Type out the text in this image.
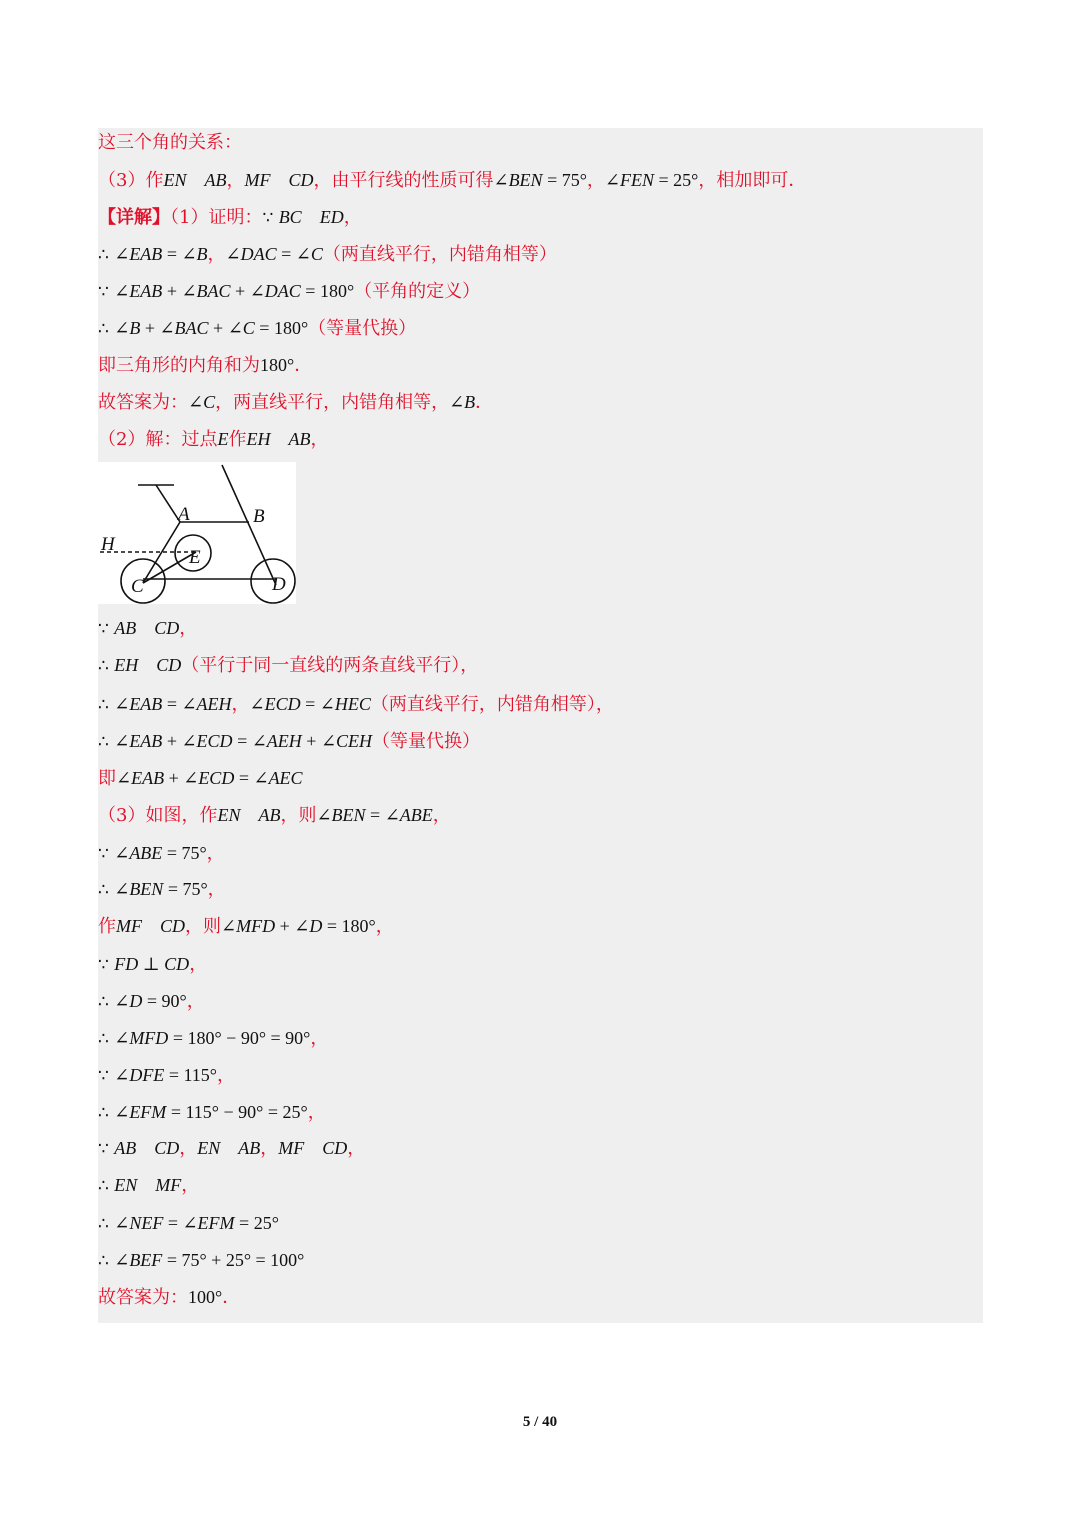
A	B
H
E
C	D
这三个角的关系：
（3）作EN AB，MF CD，由平行线的性质可得∠BEN = 75°，∠FEN = 25°，相加即可．
【详解】（1）证明：∵ BC ED，
∴ ∠EAB = ∠B，∠DAC = ∠C（两直线平行，内错角相等）
∵ ∠EAB + ∠BAC + ∠DAC = 180°（平角的定义）
∴ ∠B + ∠BAC + ∠C = 180°（等量代换）
即三角形的内角和为180°．
故答案为：∠C，两直线平行，内错角相等，∠B．
（2）解：过点E作EH AB，
∵ AB CD，
∴ EH CD（平行于同一直线的两条直线平行），
∴ ∠EAB = ∠AEH，∠ECD = ∠HEC（两直线平行，内错角相等），
∴ ∠EAB + ∠ECD = ∠AEH + ∠CEH（等量代换）
即∠EAB + ∠ECD = ∠AEC
（3）如图，作EN AB，则∠BEN = ∠ABE，
∵ ∠ABE = 75°，
∴ ∠BEN = 75°，
作MF CD，则∠MFD + ∠D = 180°，
∵ FD ⊥ CD，
∴ ∠D = 90°，
∴ ∠MFD = 180° − 90° = 90°，
∵ ∠DFE = 115°，
∴ ∠EFM = 115° − 90° = 25°，
∵ AB CD，EN AB，MF CD，
∴ EN MF，
∴ ∠NEF = ∠EFM = 25°
∴ ∠BEF = 75° + 25° = 100°
故答案为：100°．
5 / 40
